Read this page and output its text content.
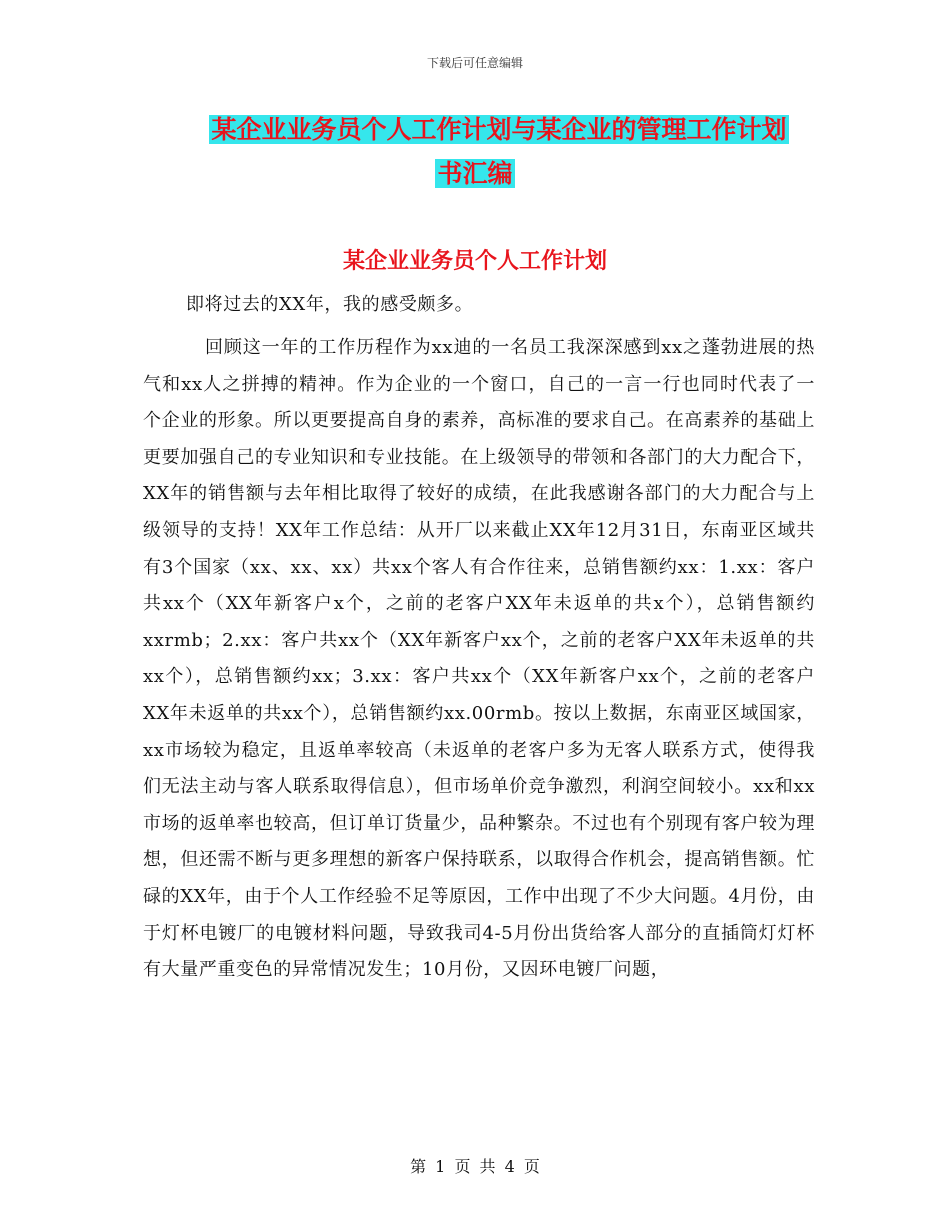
下载后可任意编辑
某企业业务员个人工作计划与某企业的管理工作计划
书汇编
某企业业务员个人工作计划
即将过去的XX年，我的感受颇多。
回顾这一年的工作历程作为xx迪的一名员工我深深感到xx之蓬勃进展的热气和xx人之拼搏的精神。作为企业的一个窗口，自己的一言一行也同时代表了一个企业的形象。所以更要提高自身的素养，高标准的要求自己。在高素养的基础上更要加强自己的专业知识和专业技能。在上级领导的带领和各部门的大力配合下，XX年的销售额与去年相比取得了较好的成绩，在此我感谢各部门的大力配合与上级领导的支持！XX年工作总结：从开厂以来截止XX年12月31日，东南亚区域共有3个国家（xx、xx、xx）共xx个客人有合作往来，总销售额约xx：1.xx：客户共xx个（XX年新客户x个，之前的老客户XX年未返单的共x个），总销售额约xxrmb；2.xx：客户共xx个（XX年新客户xx个，之前的老客户XX年未返单的共xx个），总销售额约xx；3.xx：客户共xx个（XX年新客户xx个，之前的老客户XX年未返单的共xx个），总销售额约xx.00rmb。按以上数据，东南亚区域国家，xx市场较为稳定，且返单率较高（未返单的老客户多为无客人联系方式，使得我们无法主动与客人联系取得信息），但市场单价竞争激烈，利润空间较小。xx和xx市场的返单率也较高，但订单订货量少，品种繁杂。不过也有个别现有客户较为理想，但还需不断与更多理想的新客户保持联系，以取得合作机会，提高销售额。忙碌的XX年，由于个人工作经验不足等原因，工作中出现了不少大问题。4月份，由于灯杯电镀厂的电镀材料问题，导致我司4-5月份出货给客人部分的直插筒灯灯杯有大量严重变色的异常情况发生；10月份，又因环电镀厂问题，
第 1 页 共 4 页
